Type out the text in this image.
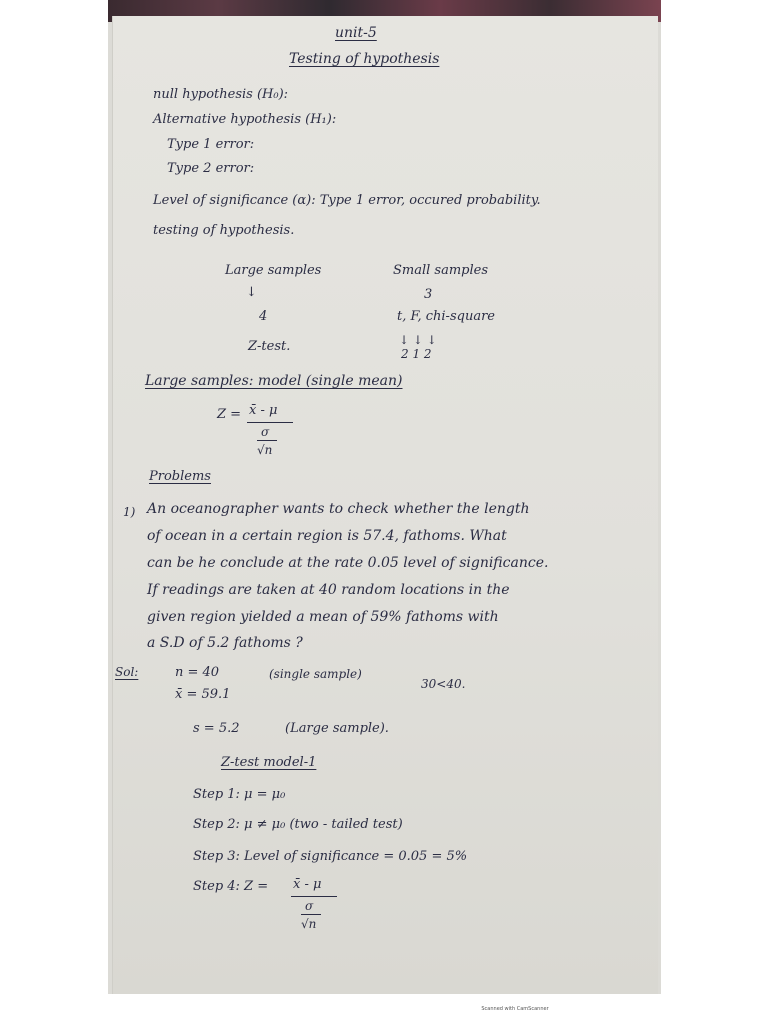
unit-5
Testing of hypothesis
null hypothesis (H₀):
Alternative hypothesis (H₁):
Type 1 error:
Type 2 error:
Level of significance (α): Type 1 error, occured probability.
testing of hypothesis.
Large samples	Small samples
↓	3
4	t, F, chi-square
Z-test.	↓ ↓ ↓
2 1 2
Large samples: model (single mean)
Z = x̄ - μ
σ
√n
Problems
1) An oceanographer wants to check whether the length
of ocean in a certain region is 57.4, fathoms. What
can be he conclude at the rate 0.05 level of significance.
If readings are taken at 40 random locations in the
given region yielded a mean of 59% fathoms with
a S.D of 5.2 fathoms ?
Sol:	n = 40	(single sample)
30<40.
x̄ = 59.1
s = 5.2	(Large sample).
Z-test model-1
Step 1: μ = μ₀
Step 2: μ ≠ μ₀ (two - tailed test)
Step 3: Level of significance = 0.05 = 5%
Step 4: Z = x̄ - μ
σ
√n
Scanned with CamScanner
